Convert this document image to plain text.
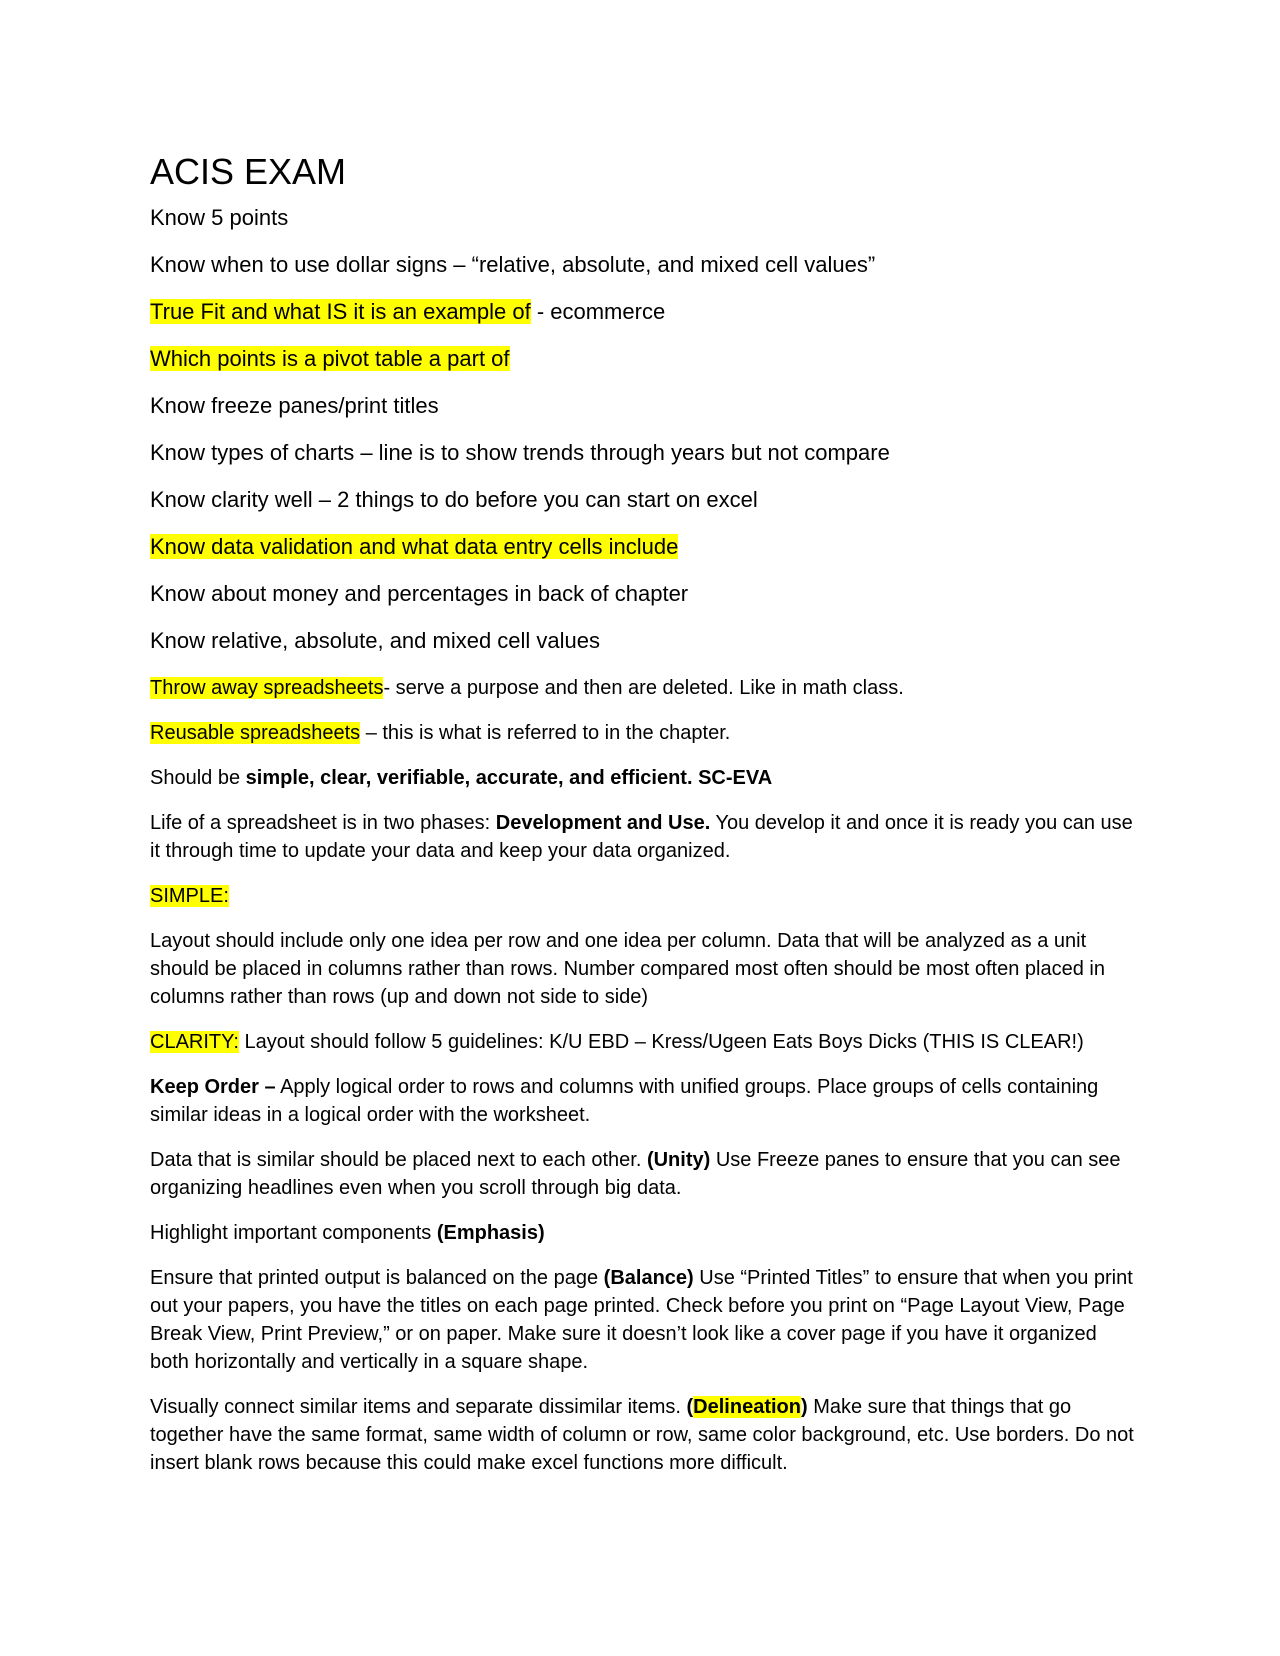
ACIS EXAM

Know 5 points

Know when to use dollar signs – “relative, absolute, and mixed cell values”

True Fit and what IS it is an example of - ecommerce

Which points is a pivot table a part of

Know freeze panes/print titles

Know types of charts – line is to show trends through years but not compare

Know clarity well – 2 things to do before you can start on excel

Know data validation and what data entry cells include

Know about money and percentages in back of chapter

Know relative, absolute, and mixed cell values

Throw away spreadsheets- serve a purpose and then are deleted. Like in math class.

Reusable spreadsheets – this is what is referred to in the chapter.

Should be simple, clear, verifiable, accurate, and efficient. SC-EVA

Life of a spreadsheet is in two phases: Development and Use. You develop it and once it is ready you can use it through time to update your data and keep your data organized.

SIMPLE:

Layout should include only one idea per row and one idea per column. Data that will be analyzed as a unit should be placed in columns rather than rows. Number compared most often should be most often placed in columns rather than rows (up and down not side to side)

CLARITY: Layout should follow 5 guidelines: K/U EBD – Kress/Ugeen Eats Boys Dicks (THIS IS CLEAR!)

Keep Order – Apply logical order to rows and columns with unified groups. Place groups of cells containing similar ideas in a logical order with the worksheet.

Data that is similar should be placed next to each other. (Unity) Use Freeze panes to ensure that you can see organizing headlines even when you scroll through big data.

Highlight important components (Emphasis)

Ensure that printed output is balanced on the page (Balance) Use “Printed Titles” to ensure that when you print out your papers, you have the titles on each page printed. Check before you print on “Page Layout View, Page Break View, Print Preview,” or on paper. Make sure it doesn’t look like a cover page if you have it organized both horizontally and vertically in a square shape.

Visually connect similar items and separate dissimilar items. (Delineation) Make sure that things that go together have the same format, same width of column or row, same color background, etc. Use borders. Do not insert blank rows because this could make excel functions more difficult.
